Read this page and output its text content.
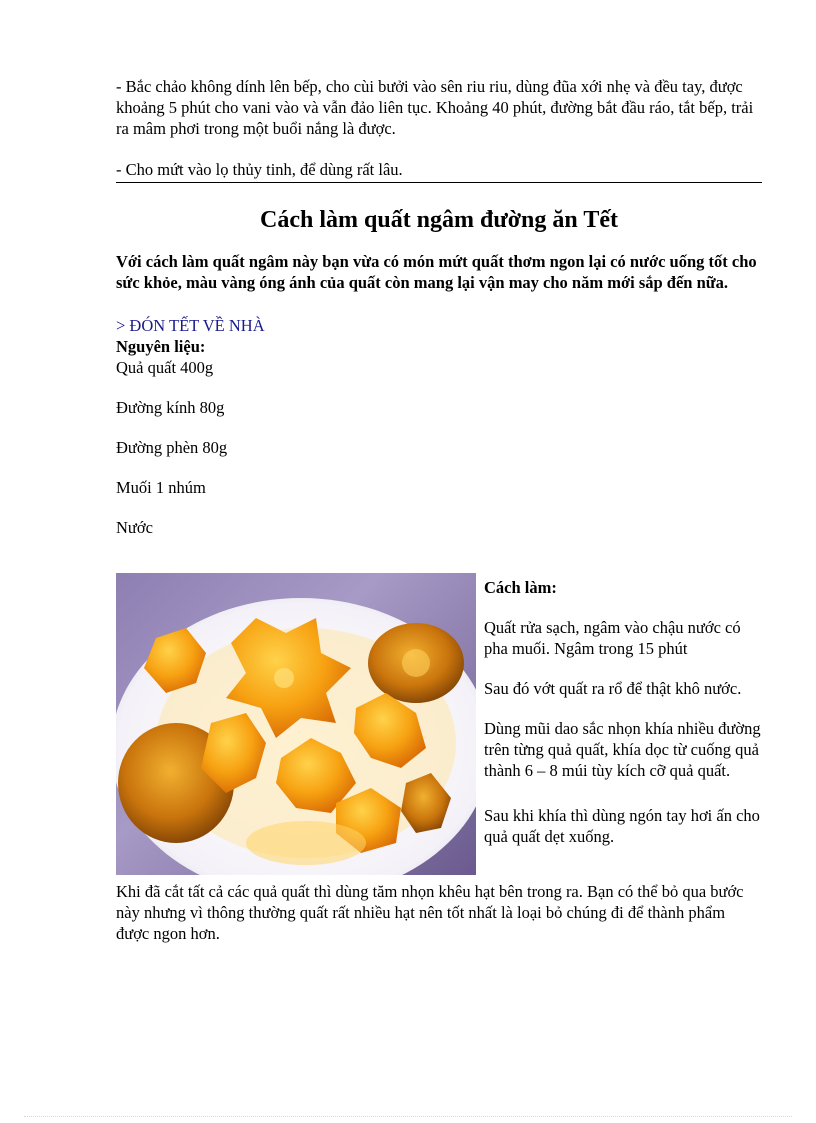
- Bắc chảo không dính lên bếp, cho cùi bưởi vào sên riu riu, dùng đũa xới nhẹ và đều tay, được khoảng 5 phút cho vani vào và vẫn đảo liên tục. Khoảng 40 phút, đường bắt đầu ráo, tắt bếp, trải ra mâm phơi trong một buổi nắng là được.

- Cho mứt vào lọ thủy tinh, để dùng rất lâu.

Cách làm quất ngâm đường ăn Tết

Với cách làm quất ngâm này bạn vừa có món mứt quất thơm ngon lại có nước uống tốt cho sức khỏe, màu vàng óng ánh của quất còn mang lại vận may cho năm mới sắp đến nữa.

> ĐÓN TẾT VỀ NHÀ
Nguyên liệu:

Quả quất 400g

Đường kính 80g

Đường phèn 80g

Muối 1 nhúm

Nước

Cách làm:

Quất rửa sạch, ngâm vào chậu nước có pha muối. Ngâm trong 15 phút

Sau đó vớt quất ra rổ để thật khô nước.

Dùng mũi dao sắc nhọn khía nhiều đường trên từng quả quất, khía dọc từ cuống quả thành 6 – 8 múi tùy kích cỡ quả quất.

Sau khi khía thì dùng ngón tay hơi ấn cho quả quất dẹt xuống.

Khi đã cắt tất cả các quả quất thì dùng tăm nhọn khêu hạt bên trong ra. Bạn có thể bỏ qua bước này nhưng vì thông thường quất rất nhiều hạt nên tốt nhất là loại bỏ chúng đi để thành phẩm được ngon hơn.
